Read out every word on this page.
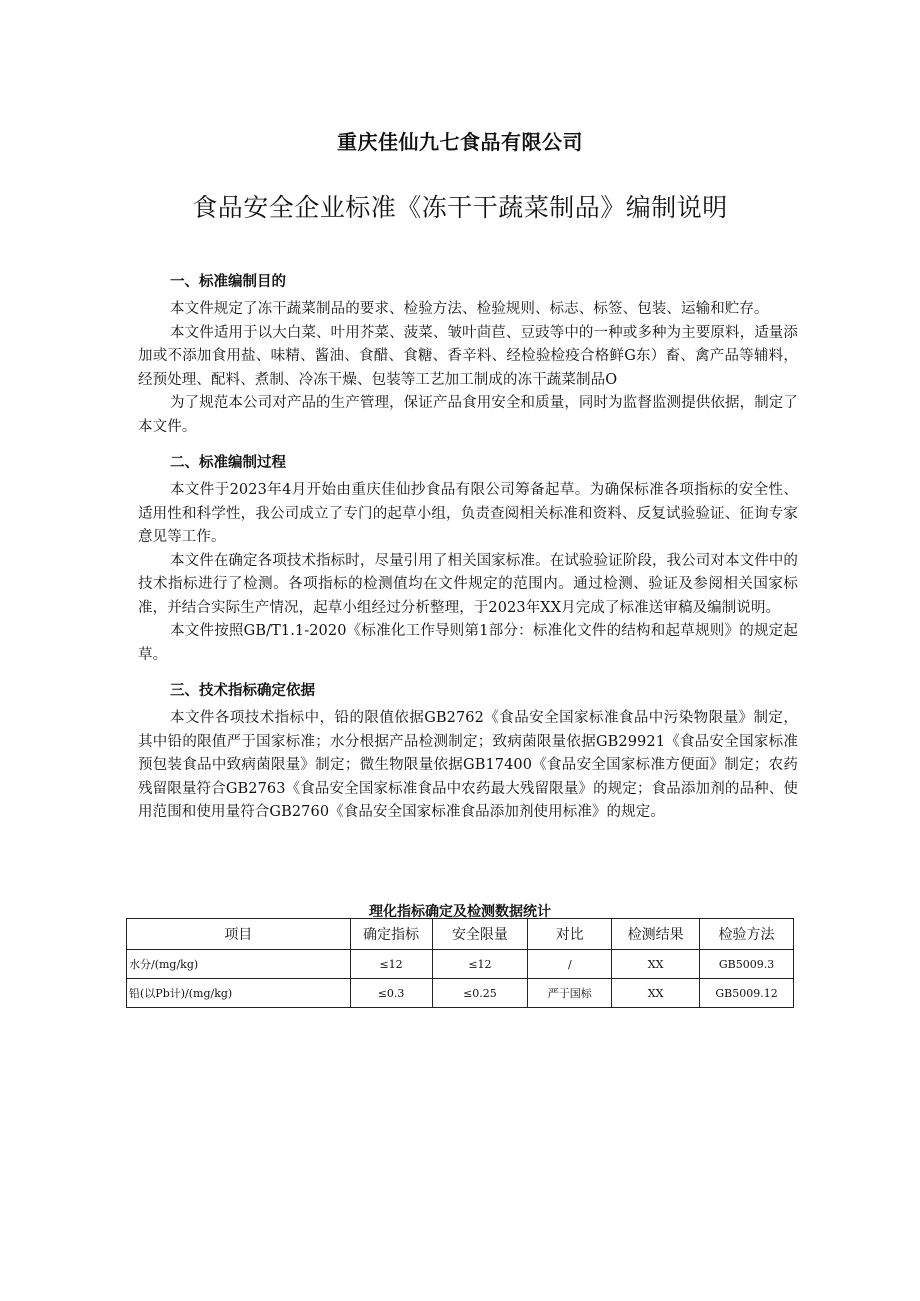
重庆佳仙九七食品有限公司
食品安全企业标准《冻干干蔬菜制品》编制说明
一、标准编制目的

本文件规定了冻干蔬菜制品的要求、检验方法、检验规则、标志、标签、包装、运输和贮存。

本文件适用于以大白菜、叶用芥菜、菠菜、皱叶茴苣、豆豉等中的一种或多种为主要原料，适量添加或不添加食用盐、味精、酱油、食醋、食糖、香辛料、经检验检疫合格鲜G东）畜、禽产品等辅料，经预处理、配料、煮制、冷冻干燥、包装等工艺加工制成的冻干蔬菜制品O

为了规范本公司对产品的生产管理，保证产品食用安全和质量，同时为监督监测提供依据，制定了本文件。

二、标准编制过程

本文件于2023年4月开始由重庆佳仙抄食品有限公司筹备起草。为确保标准各项指标的安全性、适用性和科学性，我公司成立了专门的起草小组，负责查阅相关标准和资料、反复试验验证、征询专家意见等工作。

本文件在确定各项技术指标时，尽量引用了相关国家标准。在试验验证阶段，我公司对本文件中的技术指标进行了检测。各项指标的检测值均在文件规定的范围内。通过检测、验证及参阅相关国家标准，并结合实际生产情况，起草小组经过分析整理，于2023年XX月完成了标准送审稿及编制说明。

本文件按照GB/T1.1-2020《标准化工作导则第1部分：标准化文件的结构和起草规则》的规定起草。

三、技术指标确定依据

本文件各项技术指标中，铅的限值依据GB2762《食品安全国家标准食品中污染物限量》制定，其中铅的限值严于国家标准；水分根据产品检测制定；致病菌限量依据GB29921《食品安全国家标准预包装食品中致病菌限量》制定；微生物限量依据GB17400《食品安全国家标准方便面》制定；农药残留限量符合GB2763《食品安全国家标准食品中农药最大残留限量》的规定；食品添加剂的品种、使用范围和使用量符合GB2760《食品安全国家标准食品添加剂使用标准》的规定。

理化指标确定及检测数据统计
项目	确定指标	安全限量	对比	检测结果	检验方法
水分/(mg/kg)	≤12	≤12	/	XX	GB5009.3
铅(以Pb计)/(mg/kg)	≤0.3	≤0.25	严于国标	XX	GB5009.12
